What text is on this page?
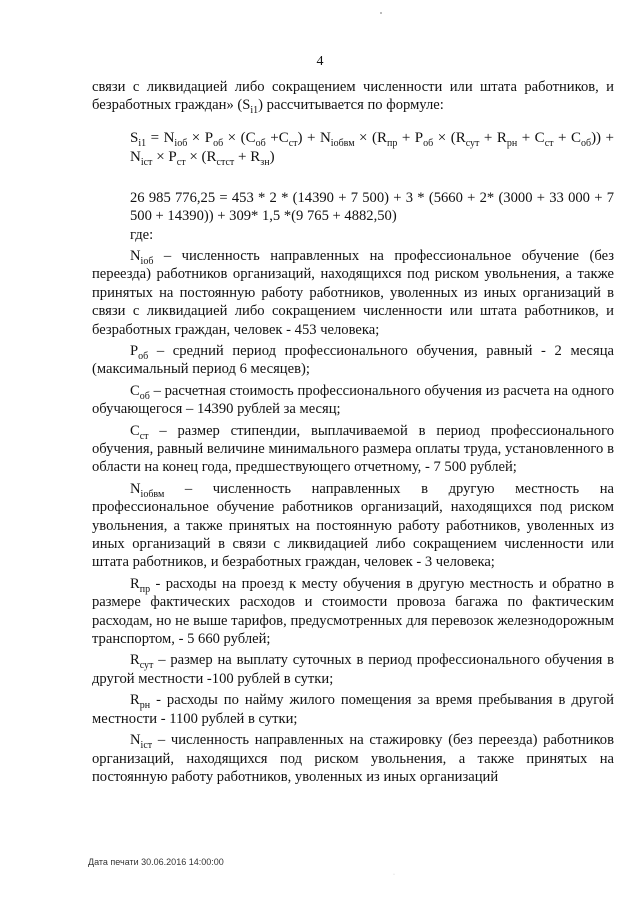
4

связи с ликвидацией либо сокращением численности или штата работников, и безработных граждан» $(S_{i1})$ рассчитывается по формуле:

$S_{i1} = N_{iоб} \times P_{об} \times (C_{об} +C_{ст}) + N_{iобвм} \times (R_{пр} + P_{об} \times (R_{сут} + R_{рн} + C_{ст} + C_{об})) + N_{iст} \times P_{ст} \times (R_{стст} + R_{зн})$

26 985 776,25 = 453 * 2 * (14390 + 7 500) + 3 * (5660 + 2* (3000 + 33 000 + 7 500 + 14390)) + 309* 1,5 *(9 765 + 4882,50)

где:

$N_{iоб}$ – численность направленных на профессиональное обучение (без переезда) работников организаций, находящихся под риском увольнения, а также принятых на постоянную работу работников, уволенных из иных организаций в связи с ликвидацией либо сокращением численности или штата работников, и безработных граждан, человек - 453 человека;

$P_{об}$ – средний период профессионального обучения, равный - 2 месяца (максимальный период 6 месяцев);

$C_{об}$ – расчетная стоимость профессионального обучения из расчета на одного обучающегося – 14390 рублей за месяц;

$C_{ст}$ – размер стипендии, выплачиваемой в период профессионального обучения, равный величине минимального размера оплаты труда, установленного в области на конец года, предшествующего отчетному, - 7 500 рублей;

$N_{iобвм}$ – численность направленных в другую местность на профессиональное обучение работников организаций, находящихся под риском увольнения, а также принятых на постоянную работу работников, уволенных из иных организаций в связи с ликвидацией либо сокращением численности или штата работников, и безработных граждан, человек - 3 человека;

$R_{пр}$ - расходы на проезд к месту обучения в другую местность и обратно в размере фактических расходов и стоимости провоза багажа по фактическим расходам, но не выше тарифов, предусмотренных для перевозок железнодорожным транспортом, - 5 660 рублей;

$R_{сут}$ – размер на выплату суточных в период профессионального обучения в другой местности -100 рублей в сутки;

$R_{рн}$ - расходы по найму жилого помещения за время пребывания в другой местности - 1100 рублей в сутки;

$N_{iст}$ – численность направленных на стажировку (без переезда) работников организаций, находящихся под риском увольнения, а также принятых на постоянную работу работников, уволенных из иных организаций

Дата печати 30.06.2016 14:00:00
·
